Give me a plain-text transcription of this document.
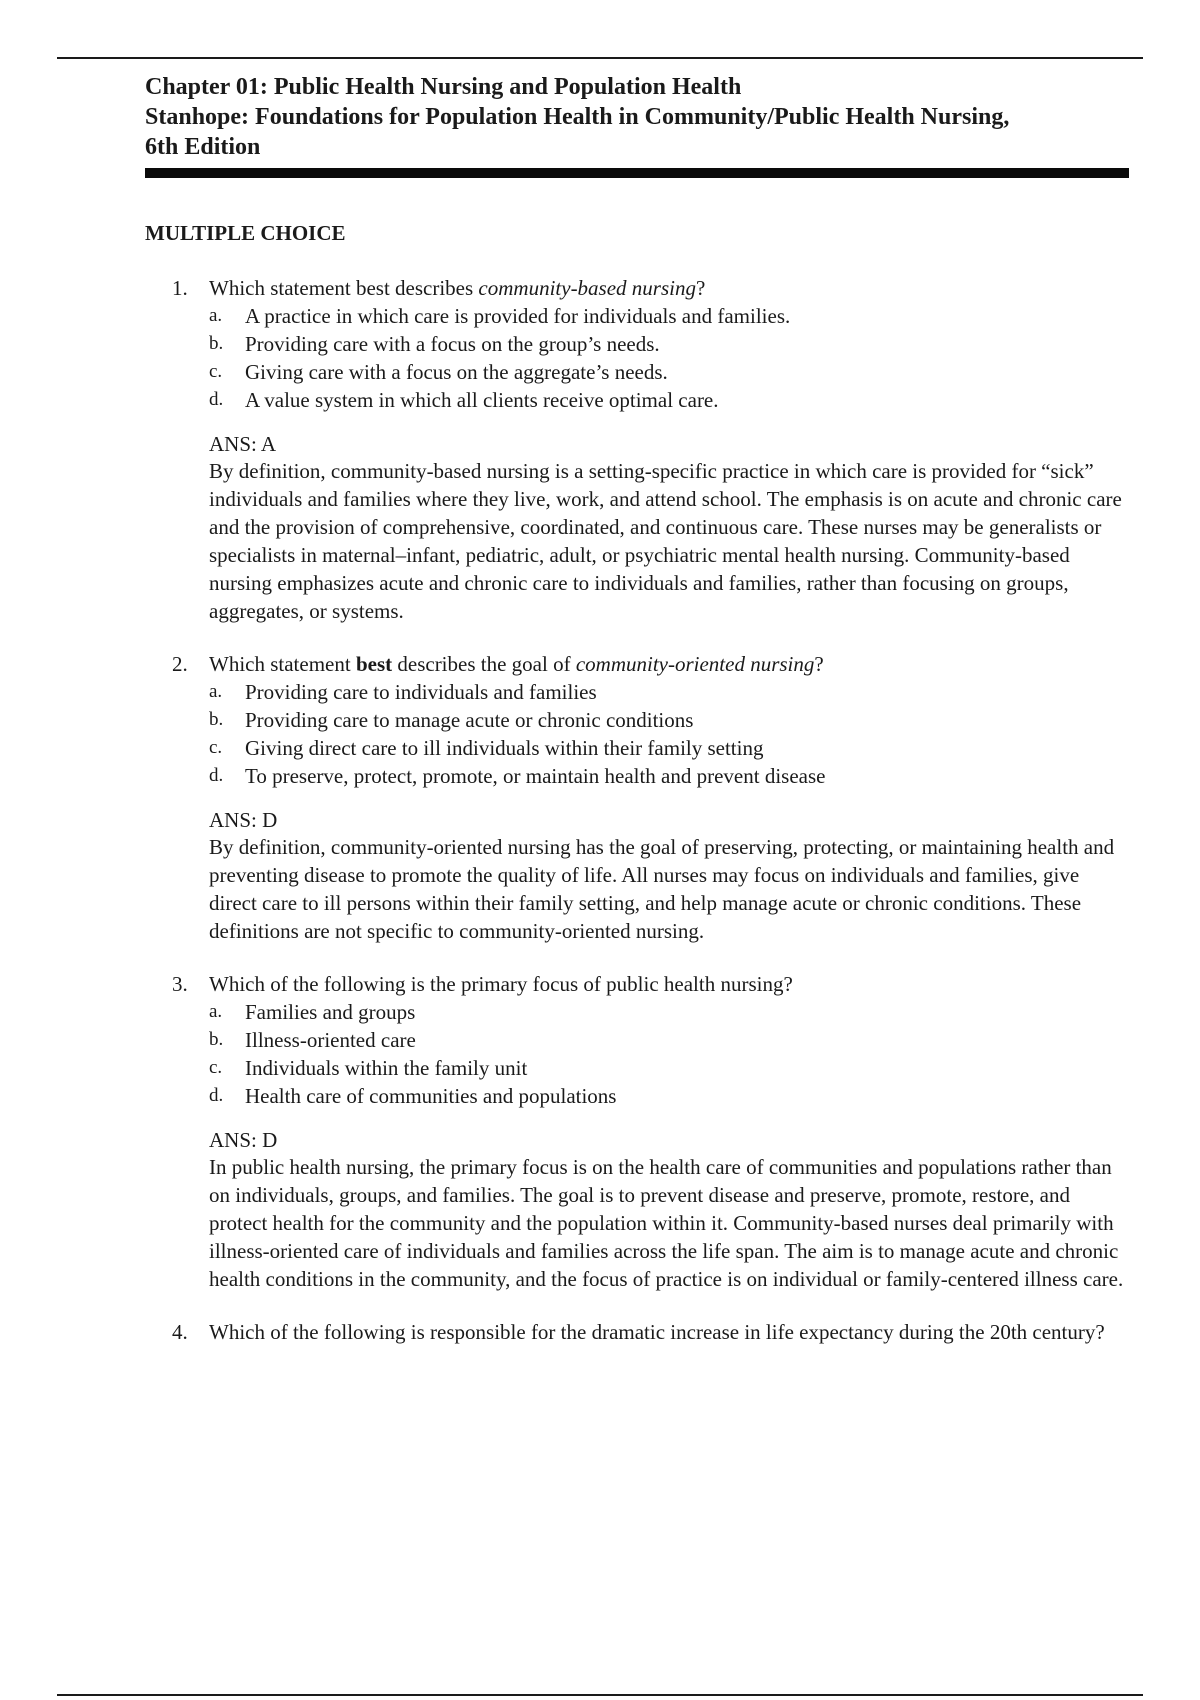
Chapter 01: Public Health Nursing and Population Health
Stanhope: Foundations for Population Health in Community/Public Health Nursing,
6th Edition
MULTIPLE CHOICE
1. Which statement best describes community-based nursing?
a. A practice in which care is provided for individuals and families.
b. Providing care with a focus on the group’s needs.
c. Giving care with a focus on the aggregate’s needs.
d. A value system in which all clients receive optimal care.
ANS: A
By definition, community-based nursing is a setting-specific practice in which care is provided for “sick” individuals and families where they live, work, and attend school. The emphasis is on acute and chronic care and the provision of comprehensive, coordinated, and continuous care. These nurses may be generalists or specialists in maternal–infant, pediatric, adult, or psychiatric mental health nursing. Community-based nursing emphasizes acute and chronic care to individuals and families, rather than focusing on groups, aggregates, or systems.
2. Which statement best describes the goal of community-oriented nursing?
a. Providing care to individuals and families
b. Providing care to manage acute or chronic conditions
c. Giving direct care to ill individuals within their family setting
d. To preserve, protect, promote, or maintain health and prevent disease
ANS: D
By definition, community-oriented nursing has the goal of preserving, protecting, or maintaining health and preventing disease to promote the quality of life. All nurses may focus on individuals and families, give direct care to ill persons within their family setting, and help manage acute or chronic conditions. These definitions are not specific to community-oriented nursing.
3. Which of the following is the primary focus of public health nursing?
a. Families and groups
b. Illness-oriented care
c. Individuals within the family unit
d. Health care of communities and populations
ANS: D
In public health nursing, the primary focus is on the health care of communities and populations rather than on individuals, groups, and families. The goal is to prevent disease and preserve, promote, restore, and protect health for the community and the population within it. Community-based nurses deal primarily with illness-oriented care of individuals and families across the life span. The aim is to manage acute and chronic health conditions in the community, and the focus of practice is on individual or family-centered illness care.
4. Which of the following is responsible for the dramatic increase in life expectancy during the 20th century?
